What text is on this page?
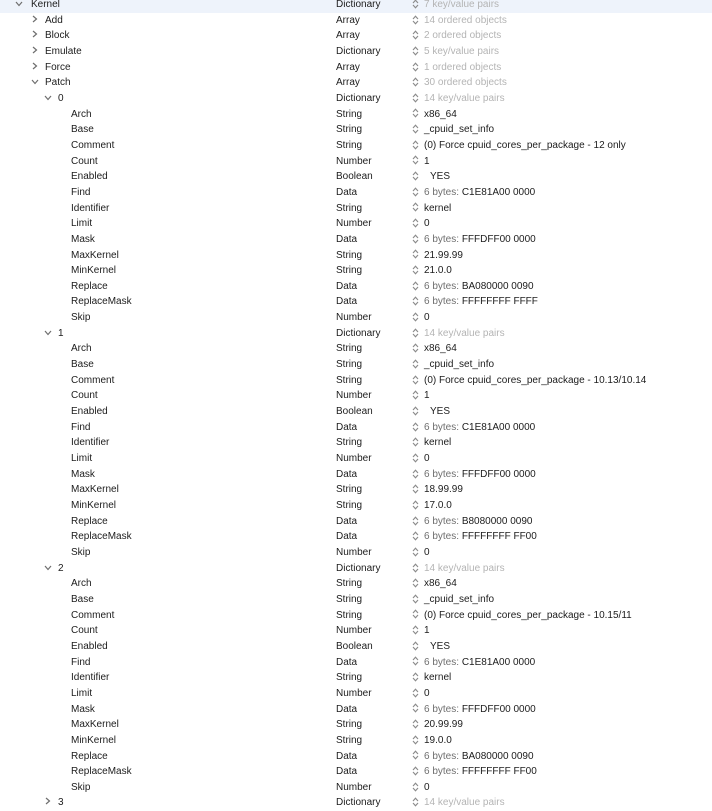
Kernel	Dictionary	7 key/value pairs
Add	Array	14 ordered objects
Block	Array	2 ordered objects
Emulate	Dictionary	5 key/value pairs
Force	Array	1 ordered objects
Patch	Array	30 ordered objects
0	Dictionary	14 key/value pairs
Arch	String	x86_64
Base	String	_cpuid_set_info
Comment	String	(0) Force cpuid_cores_per_package - 12 only
Count	Number	1
Enabled	Boolean	YES
Find	Data	6 bytes: C1E81A00 0000
Identifier	String	kernel
Limit	Number	0
Mask	Data	6 bytes: FFFDFF00 0000
MaxKernel	String	21.99.99
MinKernel	String	21.0.0
Replace	Data	6 bytes: BA080000 0090
ReplaceMask	Data	6 bytes: FFFFFFFF FFFF
Skip	Number	0
1	Dictionary	14 key/value pairs
Arch	String	x86_64
Base	String	_cpuid_set_info
Comment	String	(0) Force cpuid_cores_per_package - 10.13/10.14
Count	Number	1
Enabled	Boolean	YES
Find	Data	6 bytes: C1E81A00 0000
Identifier	String	kernel
Limit	Number	0
Mask	Data	6 bytes: FFFDFF00 0000
MaxKernel	String	18.99.99
MinKernel	String	17.0.0
Replace	Data	6 bytes: B8080000 0090
ReplaceMask	Data	6 bytes: FFFFFFFF FF00
Skip	Number	0
2	Dictionary	14 key/value pairs
Arch	String	x86_64
Base	String	_cpuid_set_info
Comment	String	(0) Force cpuid_cores_per_package - 10.15/11
Count	Number	1
Enabled	Boolean	YES
Find	Data	6 bytes: C1E81A00 0000
Identifier	String	kernel
Limit	Number	0
Mask	Data	6 bytes: FFFDFF00 0000
MaxKernel	String	20.99.99
MinKernel	String	19.0.0
Replace	Data	6 bytes: BA080000 0090
ReplaceMask	Data	6 bytes: FFFFFFFF FF00
Skip	Number	0
3	Dictionary	14 key/value pairs
